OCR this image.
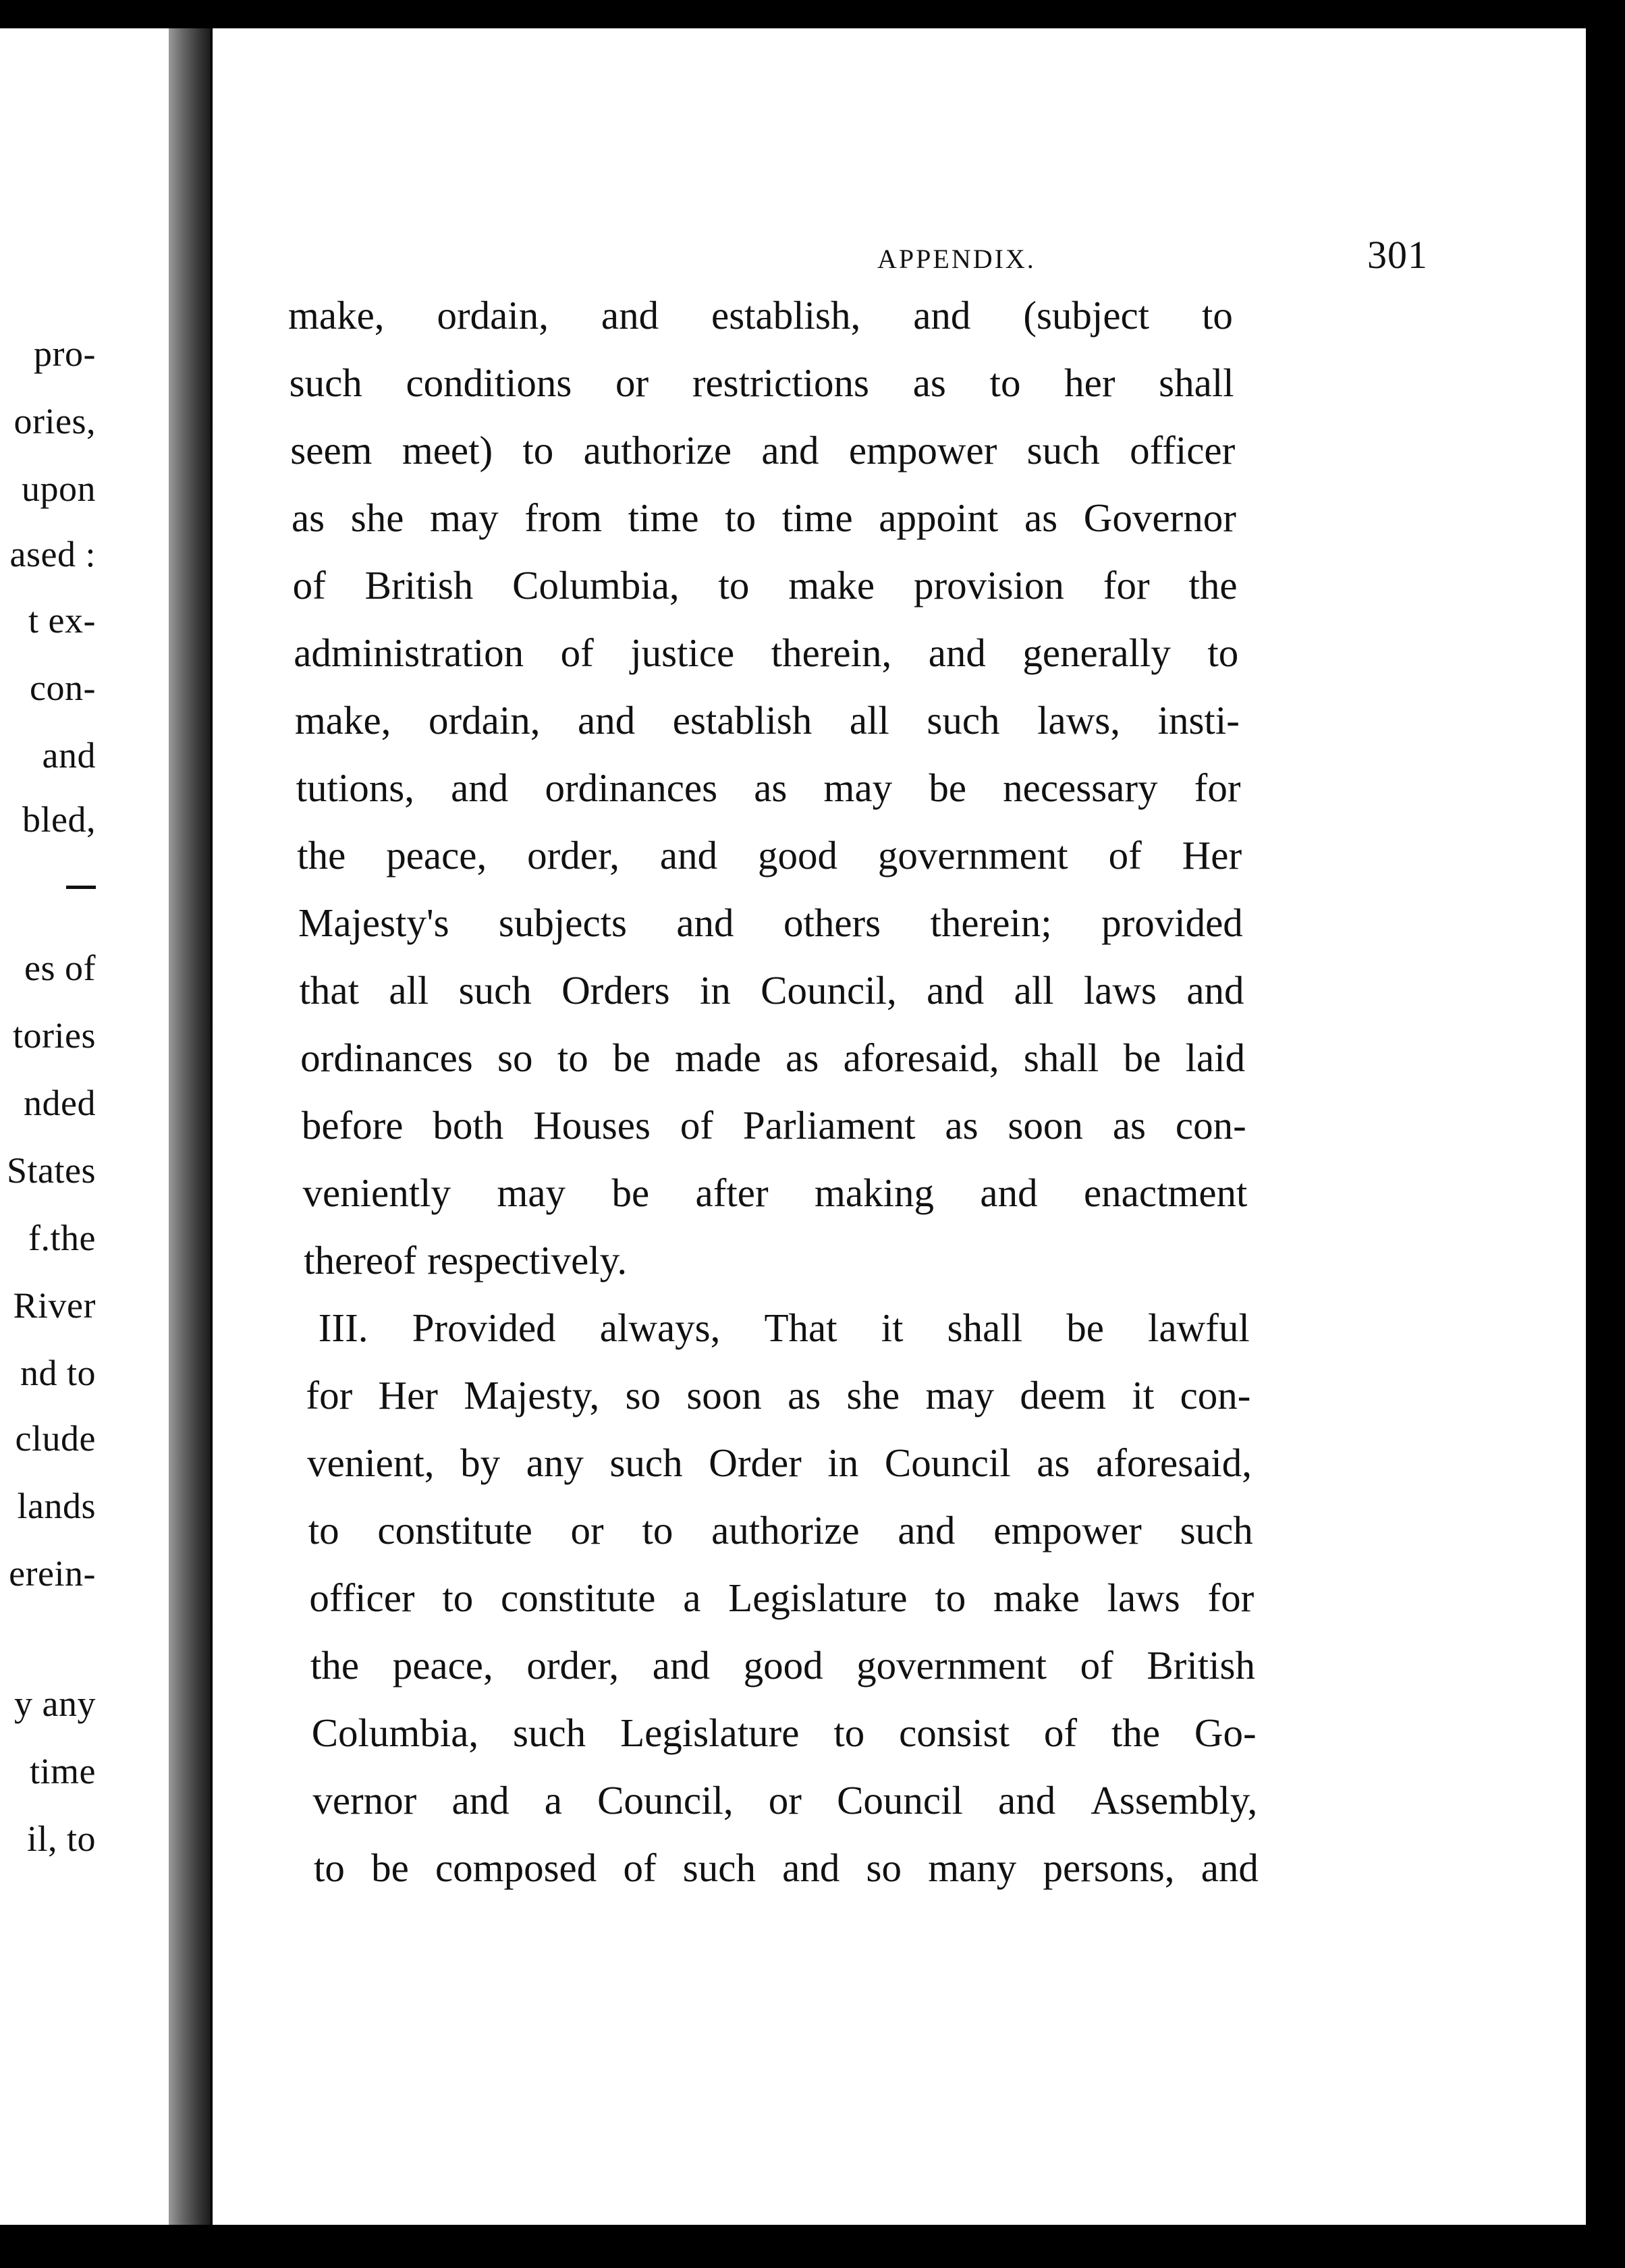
pro-
ories,
upon
ased :
t ex-
con-
and
bled,
es of
tories
nded
States
f.the
River
nd to
clude
lands
erein-
y any
time
il, to
APPENDIX.	301
make, ordain, and establish, and (subject to
such conditions or restrictions as to her shall
seem meet) to authorize and empower such officer
as she may from time to time appoint as Governor
of British Columbia, to make provision for the
administration of justice therein, and generally to
make, ordain, and establish all such laws, insti-
tutions, and ordinances as may be necessary for
the peace, order, and good government of Her
Majesty's subjects and others therein; provided
that all such Orders in Council, and all laws and
ordinances so to be made as aforesaid, shall be laid
before both Houses of Parliament as soon as con-
veniently may be after making and enactment
thereof respectively.
III. Provided always, That it shall be lawful
for Her Majesty, so soon as she may deem it con-
venient, by any such Order in Council as aforesaid,
to constitute or to authorize and empower such
officer to constitute a Legislature to make laws for
the peace, order, and good government of British
Columbia, such Legislature to consist of the Go-
vernor and a Council, or Council and Assembly,
to be composed of such and so many persons, and
